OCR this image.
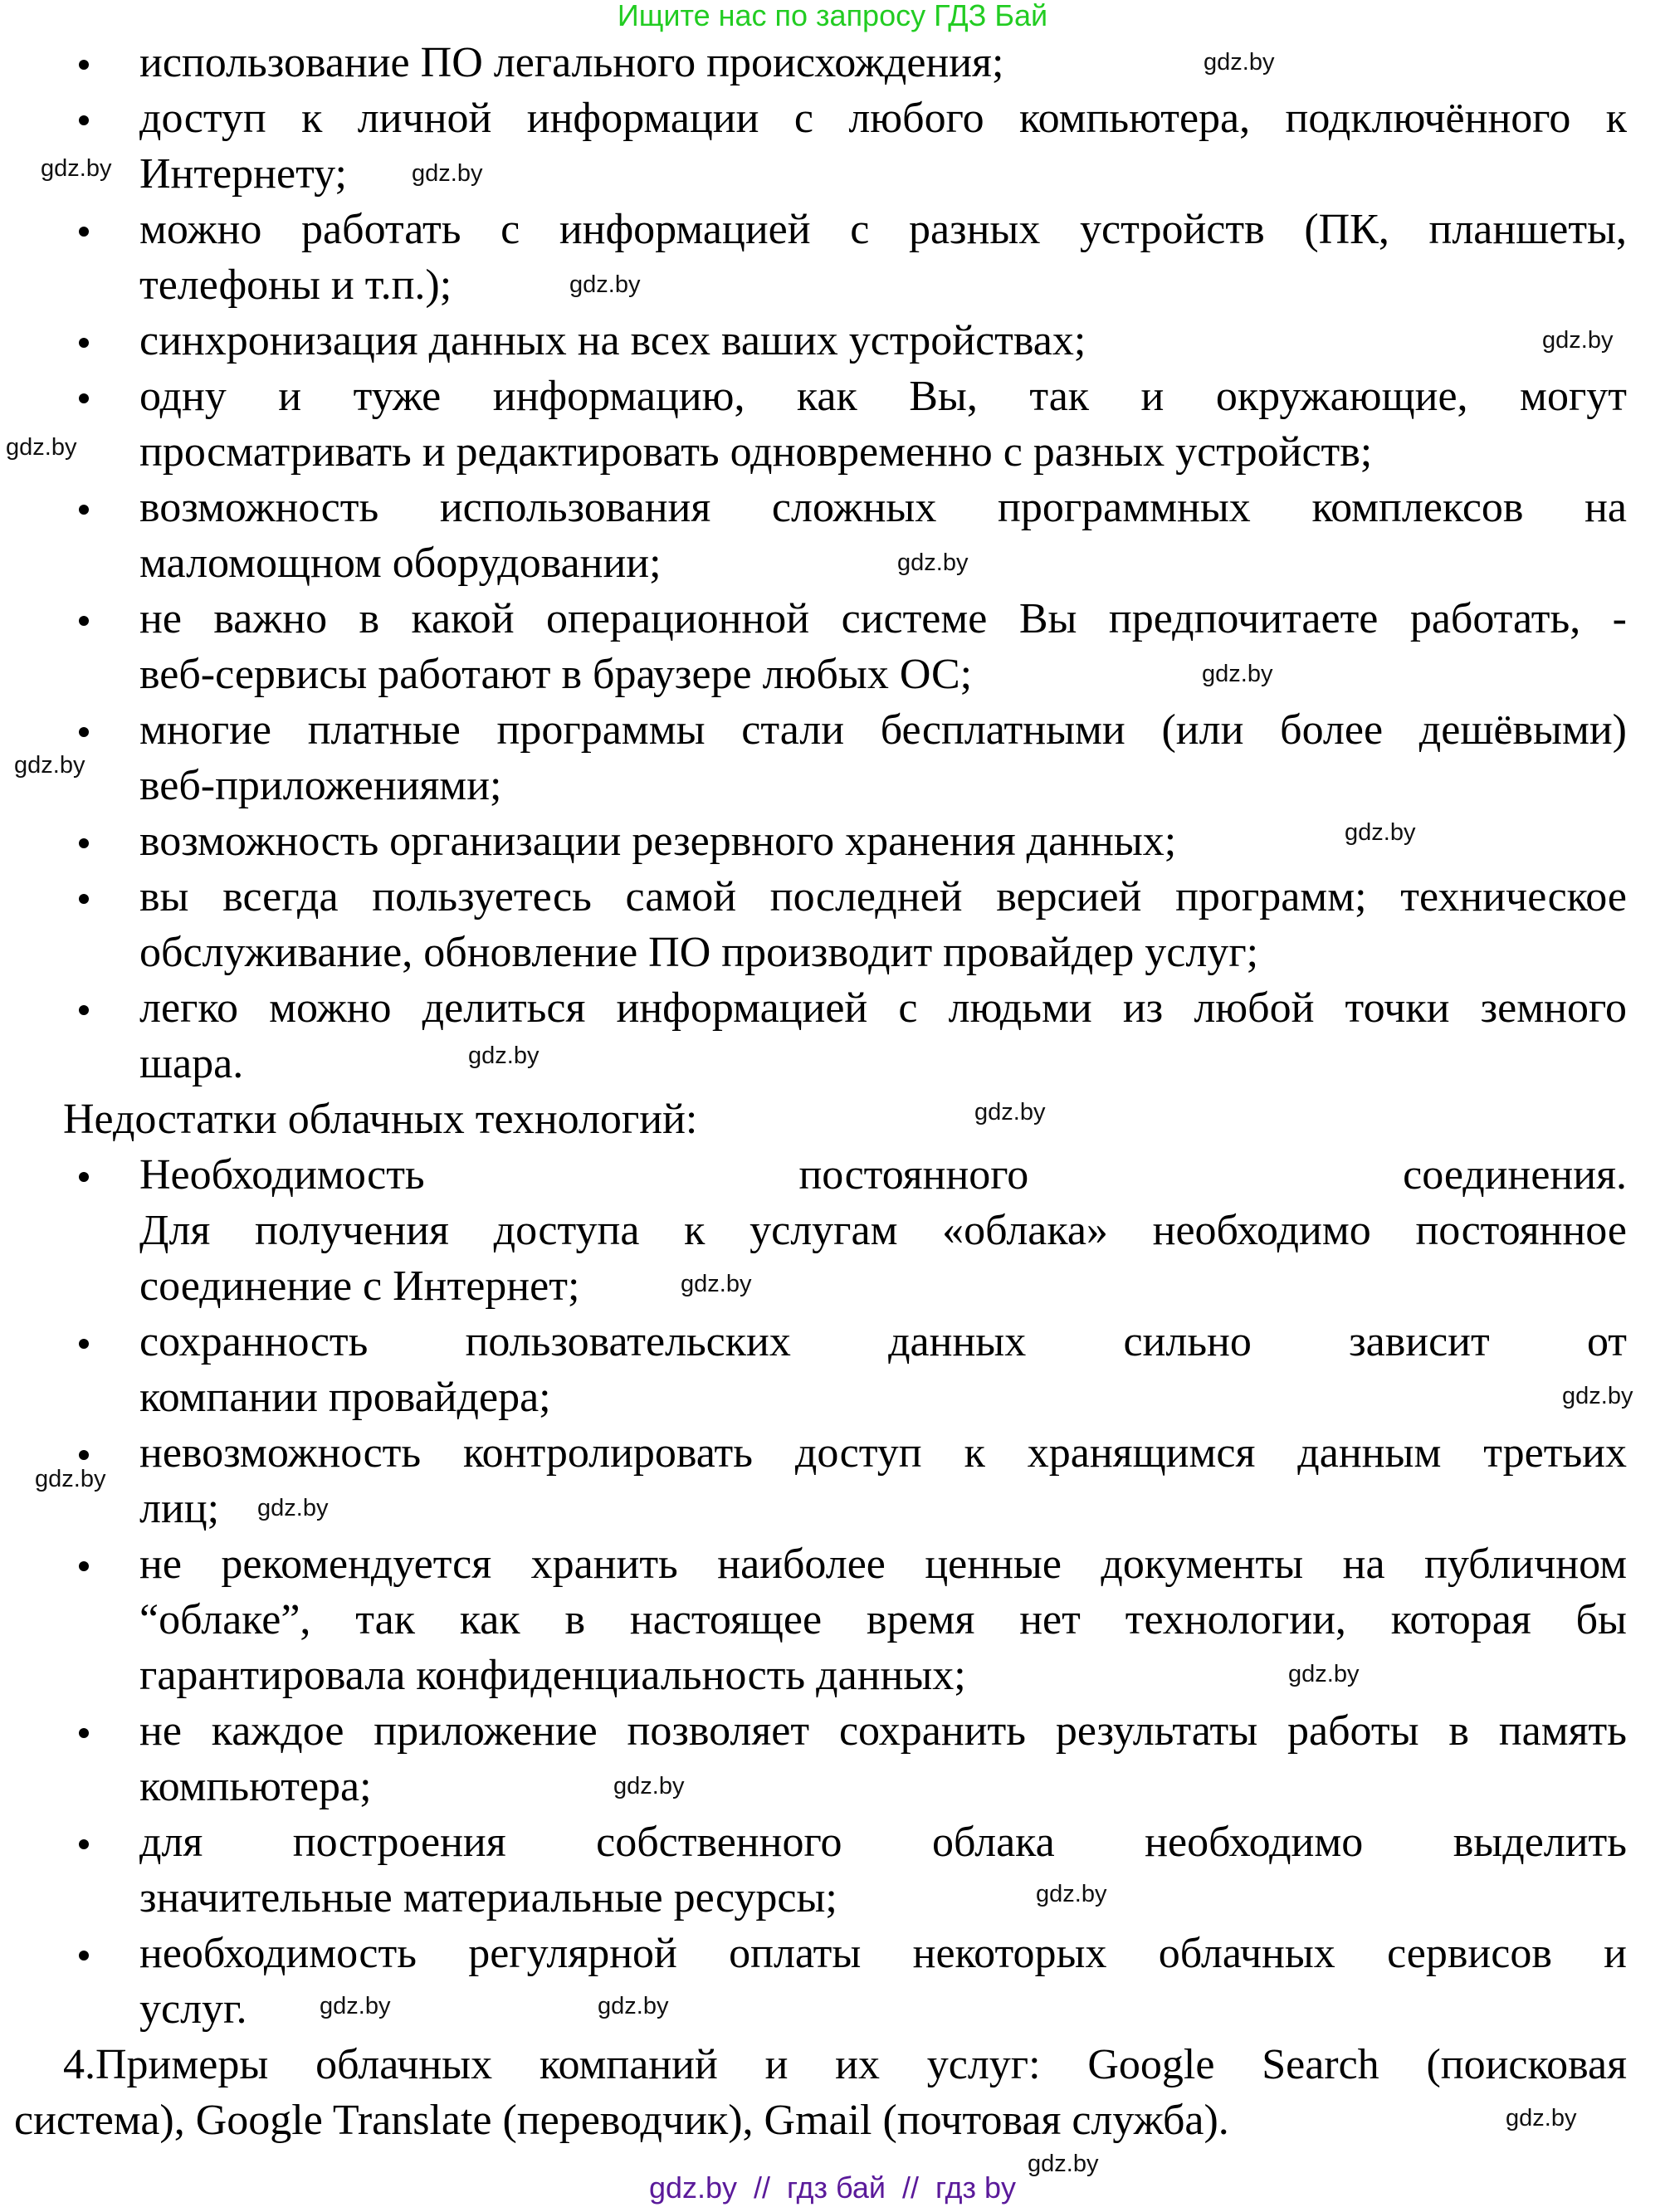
Ищите нас по запросу ГДЗ Бай
использование ПО легального происхождения;
доступ к личной информации с любого компьютера, подключённого к
Интернету;
можно работать с информацией с разных устройств (ПК, планшеты,
телефоны и т.п.);
синхронизация данных на всех ваших устройствах;
одну и туже информацию, как Вы, так и окружающие, могут
просматривать и редактировать одновременно с разных устройств;
возможность использования сложных программных комплексов на
маломощном оборудовании;
не важно в какой операционной системе Вы предпочитаете работать, -
веб-сервисы работают в браузере любых ОС;
многие платные программы стали бесплатными (или более дешёвыми)
веб-приложениями;
возможность организации резервного хранения данных;
вы всегда пользуетесь самой последней версией программ; техническое
обслуживание, обновление ПО производит провайдер услуг;
легко можно делиться информацией с людьми из любой точки земного
шара.
Недостатки облачных технологий:
Необходимость постоянного соединения.
Для получения доступа к услугам «облака» необходимо постоянное
соединение с Интернет;
сохранность пользовательских данных сильно зависит от
компании провайдера;
невозможность контролировать доступ к хранящимся данным третьих
лиц;
не рекомендуется хранить наиболее ценные документы на публичном
“облаке”, так как в настоящее время нет технологии, которая бы
гарантировала конфиденциальность данных;
не каждое приложение позволяет сохранить результаты работы в память
компьютера;
для построения собственного облака необходимо выделить
значительные материальные ресурсы;
необходимость регулярной оплаты некоторых облачных сервисов и
услуг.
4.Примеры облачных компаний и их услуг: Google Search (поисковая
система), Google Translate (переводчик), Gmail (почтовая служба).
gdz.by  //  гдз бай  //  гдз by
gdz.by
gdz.by	gdz.by
gdz.by
gdz.by
gdz.by
gdz.by
gdz.by
gdz.by
gdz.by
gdz.by
gdz.by
gdz.by
gdz.by
gdz.by
gdz.by
gdz.by
gdz.by
gdz.by
gdz.by	gdz.by
gdz.by
gdz.by
